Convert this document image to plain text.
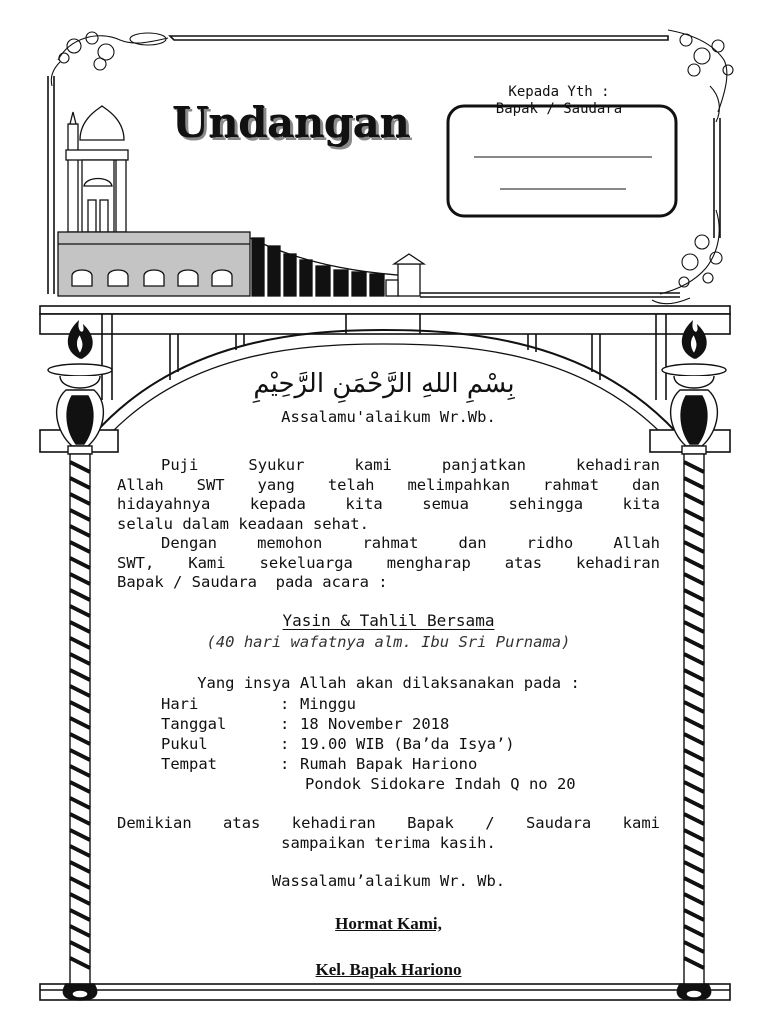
بِسْمِ اللهِ الرَّحْمَنِ الرَّحِيْمِ
Undangan
Kepada Yth :
Bapak / Saudara
Assalamu'alaikum Wr.Wb.
Puji Syukur kami panjatkan kehadiran
Allah SWT yang telah melimpahkan rahmat dan
hidayahnya kepada kita semua sehingga kita
selalu dalam keadaan sehat.
Dengan memohon rahmat dan ridho Allah
SWT, Kami sekeluarga mengharap atas kehadiran
Bapak / Saudara  pada acara :
Yasin & Tahlil Bersama
(40 hari wafatnya alm. Ibu Sri Purnama)
Yang insya Allah akan dilaksanakan pada :
Hari	: Minggu
Tanggal	: 18 November 2018
Pukul	: 19.00 WIB (Ba’da Isya’)
Tempat	: Rumah Bapak Hariono
Pondok Sidokare Indah Q no 20
Demikian atas kehadiran Bapak / Saudara kami
sampaikan terima kasih.
Wassalamu’alaikum Wr. Wb.
Hormat Kami,
Kel. Bapak Hariono
